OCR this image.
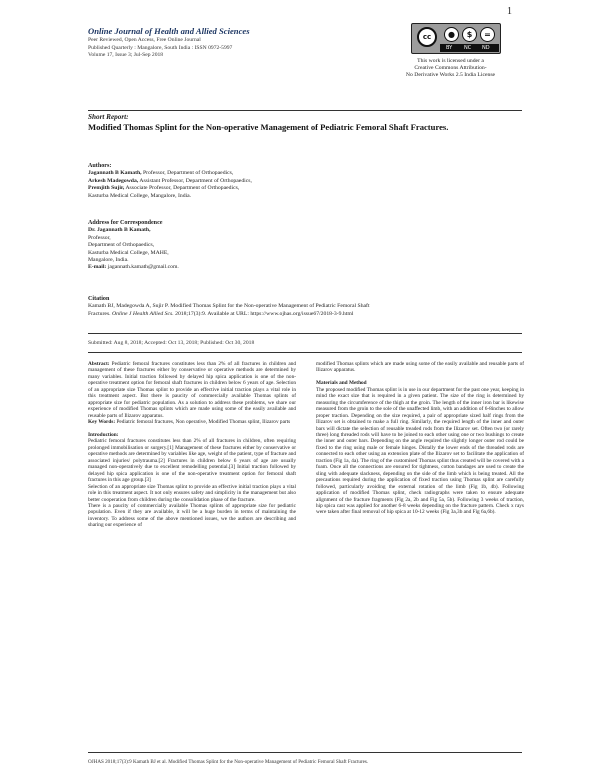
1
Online Journal of Health and Allied Sciences
Peer Reviewed, Open Access, Free Online Journal
Published Quarterly : Mangalore, South India : ISSN 0972-5997
Volume 17, Issue 3; Jul-Sep 2018
cc	●	$	=
BY NC ND
This work is licensed under a
Creative Commons Attribution-
No Derivative Works 2.5 India License
Short Report:
Modified Thomas Splint for the Non-operative Management of Pediatric Femoral Shaft Fractures.
Authors:
Jagannath B Kamath, Professor, Department of Orthopaedics,
Arkesh Madegowda, Assistant Professor, Department of Orthopaedics,
Premjith Sujir, Associate Professor, Department of Orthopaedics,
Kasturba Medical College, Mangalore, India.
Address for Correspondence
Dr. Jagannath B Kamath,
Professor,
Department of Orthopaedics,
Kasturba Medical College, MAHE,
Mangalore, India.
E-mail: jagannath.kamath@gmail.com.
Citation
Kamath BJ, Madegowda A, Sujir P. Modified Thomas Splint for the Non-operative Management of Pediatric Femoral Shaft
Fractures. Online J Health Allied Scs. 2018;17(3):9. Available at URL: https://www.ojhas.org/issue67/2018-3-9.html
Submitted: Aug 8, 2018; Accepted: Oct 13, 2018; Published: Oct 30, 2018

Abstract: Pediatric femoral fractures constitutes less than 2% of all fractures in children and management of these fractures either by conservative or operative methods are determined by many variables. Initial traction followed by delayed hip spica application is one of the non-operative treatment option for femoral shaft fractures in children below 6 years of age. Selection of an appropriate size Thomas splint to provide an effective initial traction plays a vital role in this treatment aspect. But there is paucity of commercially available Thomas splints of appropriate size for pediatric population. As a solution to address these problems, we share our experience of modified Thomas splints which are made using some of the easily available and reusable parts of Ilizarov apparatus.

Key Words: Pediatric femoral fractures, Non operative, Modified Thomas splint, Ilizarov parts

Introduction:

Pediatric femoral fractures constitutes less than 2% of all fractures in children, often requiring prolonged immobilisation or surgery.[1] Management of these fractures either by conservative or operative methods are determined by variables like age, weight of the patient, type of fracture and associated injuries/ polytrauma.[2] Fractures in children below 6 years of age are usually managed non-operatively due to excellent remodelling potential.[3] Initial traction followed by delayed hip spica application is one of the non-operative treatment option for femoral shaft fractures in this age group.[3]

Selection of an appropriate size Thomas splint to provide an effective initial traction plays a vital role in this treatment aspect. It not only ensures safety and simplicity in the management but also better cooperation from children during the consolidation phase of the fracture.

There is a paucity of commercially available Thomas splints of appropriate size for pediatric population. Even if they are available, it will be a huge burden in terms of maintaining the inventory. To address some of the above mentioned issues, we the authors are describing and sharing our experience of

modified Thomas splints which are made using some of the easily available and reusable parts of Ilizarov apparatus.

Materials and Method

The proposed modified Thomas splint is in use in our department for the past one year, keeping in mind the exact size that is required in a given patient. The size of the ring is determined by measuring the circumference of the thigh at the groin. The length of the inner iron bar is likewise measured from the groin to the sole of the unaffected limb, with an addition of 6-8inches to allow proper traction. Depending on the size required, a pair of appropriate sized half rings from the Ilizarov set is obtained to make a full ring. Similarly, the required length of the inner and outer bars will dictate the selection of reusable treaded rods from the Ilizarov set. Often two (or rarely three) long threaded rods will have to be joined to each other using one or two bushings to create the inner and outer bars. Depending on the angle required the slightly longer outer rod could be fixed to the ring using male or female hinges. Distally the lower ends of the threaded rods are connected to each other using an extension plate of the Ilizarov set to facilitate the application of traction (Fig 1a, 4a). The ring of the customised Thomas splint thus created will be covered with a foam. Once all the connections are ensured for tightness, cotton bandages are used to create the sling with adequate slackness, depending on the side of the limb which is being treated. All the precautions required during the application of fixed traction using Thomas splint are carefully followed, particularly avoiding the external rotation of the limb (Fig 1b, 4b). Following application of modified Thomas splint, check radiographs were taken to ensure adequate alignment of the fracture fragments (Fig 2a, 2b and Fig 5a, 5b). Following 3 weeks of traction, hip spica cast was applied for another 6-8 weeks depending on the fracture pattern. Check x rays were taken after final removal of hip spica at 10-12 weeks (Fig 3a,3b and Fig 6a,6b).

OJHAS 2018;17(3):9 Kamath BJ et al. Modified Thomas Splint for the Non-operative Management of Pediatric Femoral Shaft Fractures.
